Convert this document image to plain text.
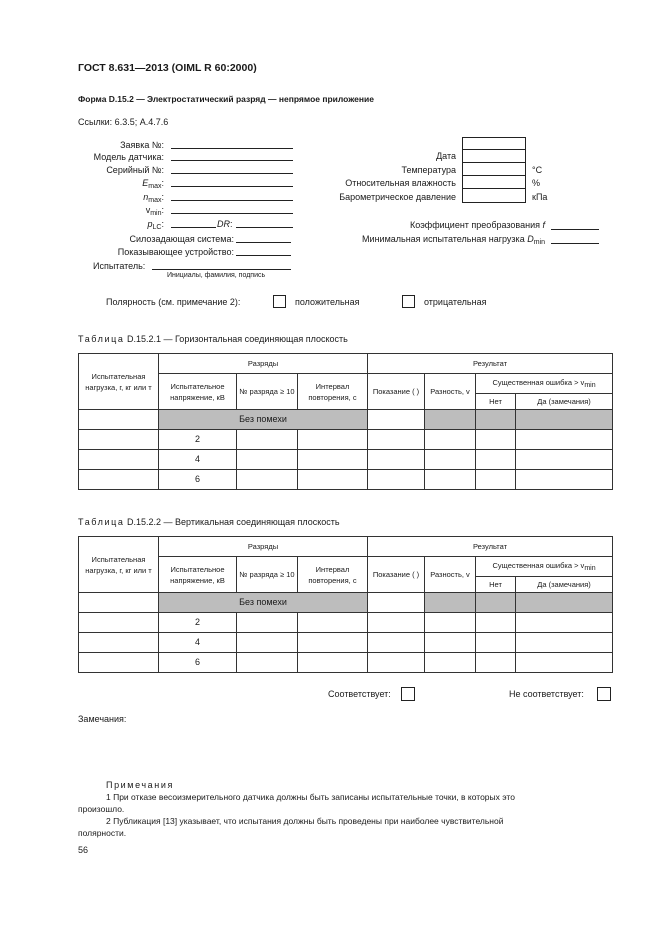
ГОСТ 8.631—2013 (OIML R 60:2000)
Форма D.15.2 — Электростатический разряд — непрямое приложение
Ссылки: 6.3.5; A.4.7.6
Заявка №:
Модель датчика:
Серийный №:
$E_{max}$:
$n_{max}$:
$v_{min}$:
$p_{LC}$:	DR:
Силозадающая система:
Показывающее устройство:
Испытатель:
Инициалы, фамилия, подпись
Дата
Температура	°C
Относительная влажность	%
Барометрическое давление	кПа
Коэффициент преобразования f
Минимальная испытательная нагрузка $D_{min}$
Полярность (см. примечание 2):	положительная	отрицательная
Таблица D.15.2.1 — Горизонтальная соединяющая плоскость
Испытательная нагрузка, г, кг или т	Разряды			Результат			
	Испытательное напряжение, кВ	№ разряда ≥ 10	Интервал повторения, с	Показание ( )	Разность, v	Существенная ошибка > vmin	
						Нет	Да (замечания)
	Без помехи						
	2						
	4						
	6						
Таблица D.15.2.2 — Вертикальная соединяющая плоскость
Испытательная нагрузка, г, кг или т	Разряды			Результат			
	Испытательное напряжение, кВ	№ разряда ≥ 10	Интервал повторения, с	Показание ( )	Разность, v	Существенная ошибка > vmin	
						Нет	Да (замечания)
	Без помехи						
	2						
	4						
	6						
Соответствует:	Не соответствует:
Замечания:
Примечания
1 При отказе весоизмерительного датчика должны быть записаны испытательные точки, в которых это
произошло.
2 Публикация [13] указывает, что испытания должны быть проведены при наиболее чувствительной
полярности.
56
